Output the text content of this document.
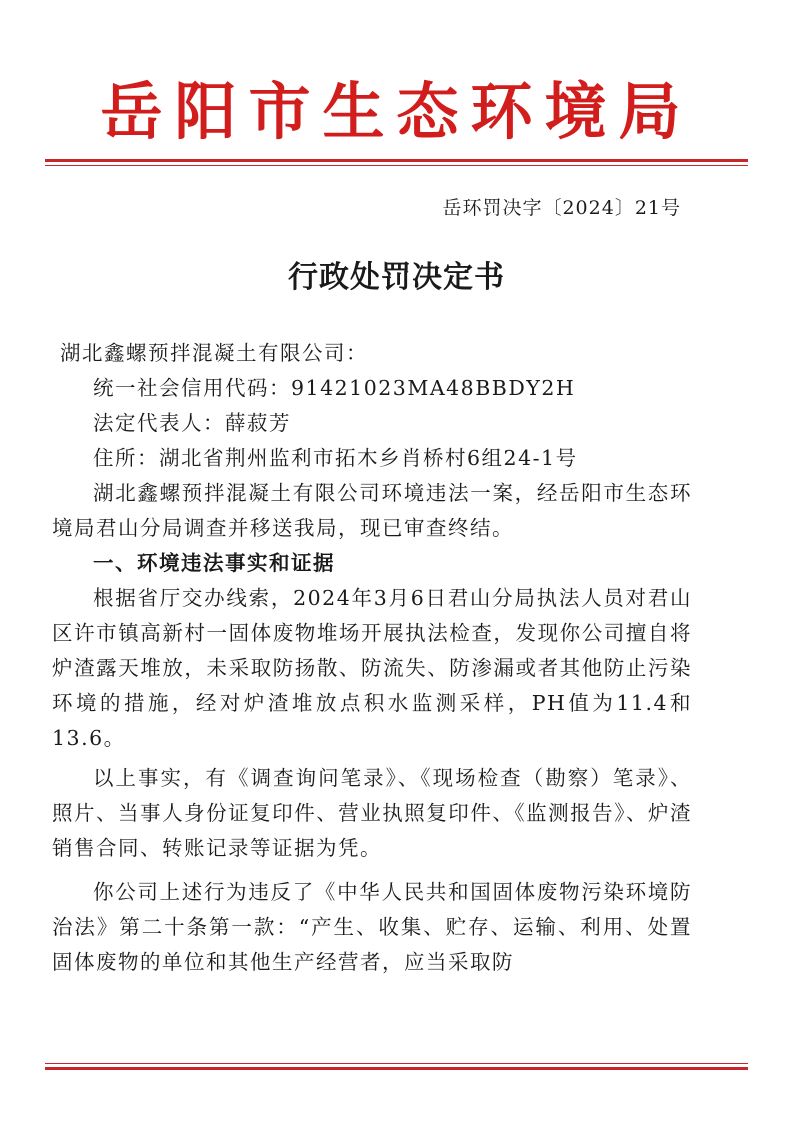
岳阳市生态环境局
岳环罚决字〔2024〕21号
行政处罚决定书

湖北鑫螺预拌混凝土有限公司：

统一社会信用代码：91421023MA48BBDY2H

法定代表人：薛菽芳

住所：湖北省荆州监利市拓木乡肖桥村6组24-1号

湖北鑫螺预拌混凝土有限公司环境违法一案，经岳阳市生态环境局君山分局调查并移送我局，现已审查终结。

一、环境违法事实和证据

根据省厅交办线索，2024年3月6日君山分局执法人员对君山区许市镇高新村一固体废物堆场开展执法检查，发现你公司擅自将炉渣露天堆放，未采取防扬散、防流失、防渗漏或者其他防止污染环境的措施，经对炉渣堆放点积水监测采样，PH值为11.4和13.6。

以上事实，有《调查询问笔录》、《现场检查（勘察）笔录》、照片、当事人身份证复印件、营业执照复印件、《监测报告》、炉渣销售合同、转账记录等证据为凭。

你公司上述行为违反了《中华人民共和国固体废物污染环境防治法》第二十条第一款：“产生、收集、贮存、运输、利用、处置固体废物的单位和其他生产经营者，应当采取防
